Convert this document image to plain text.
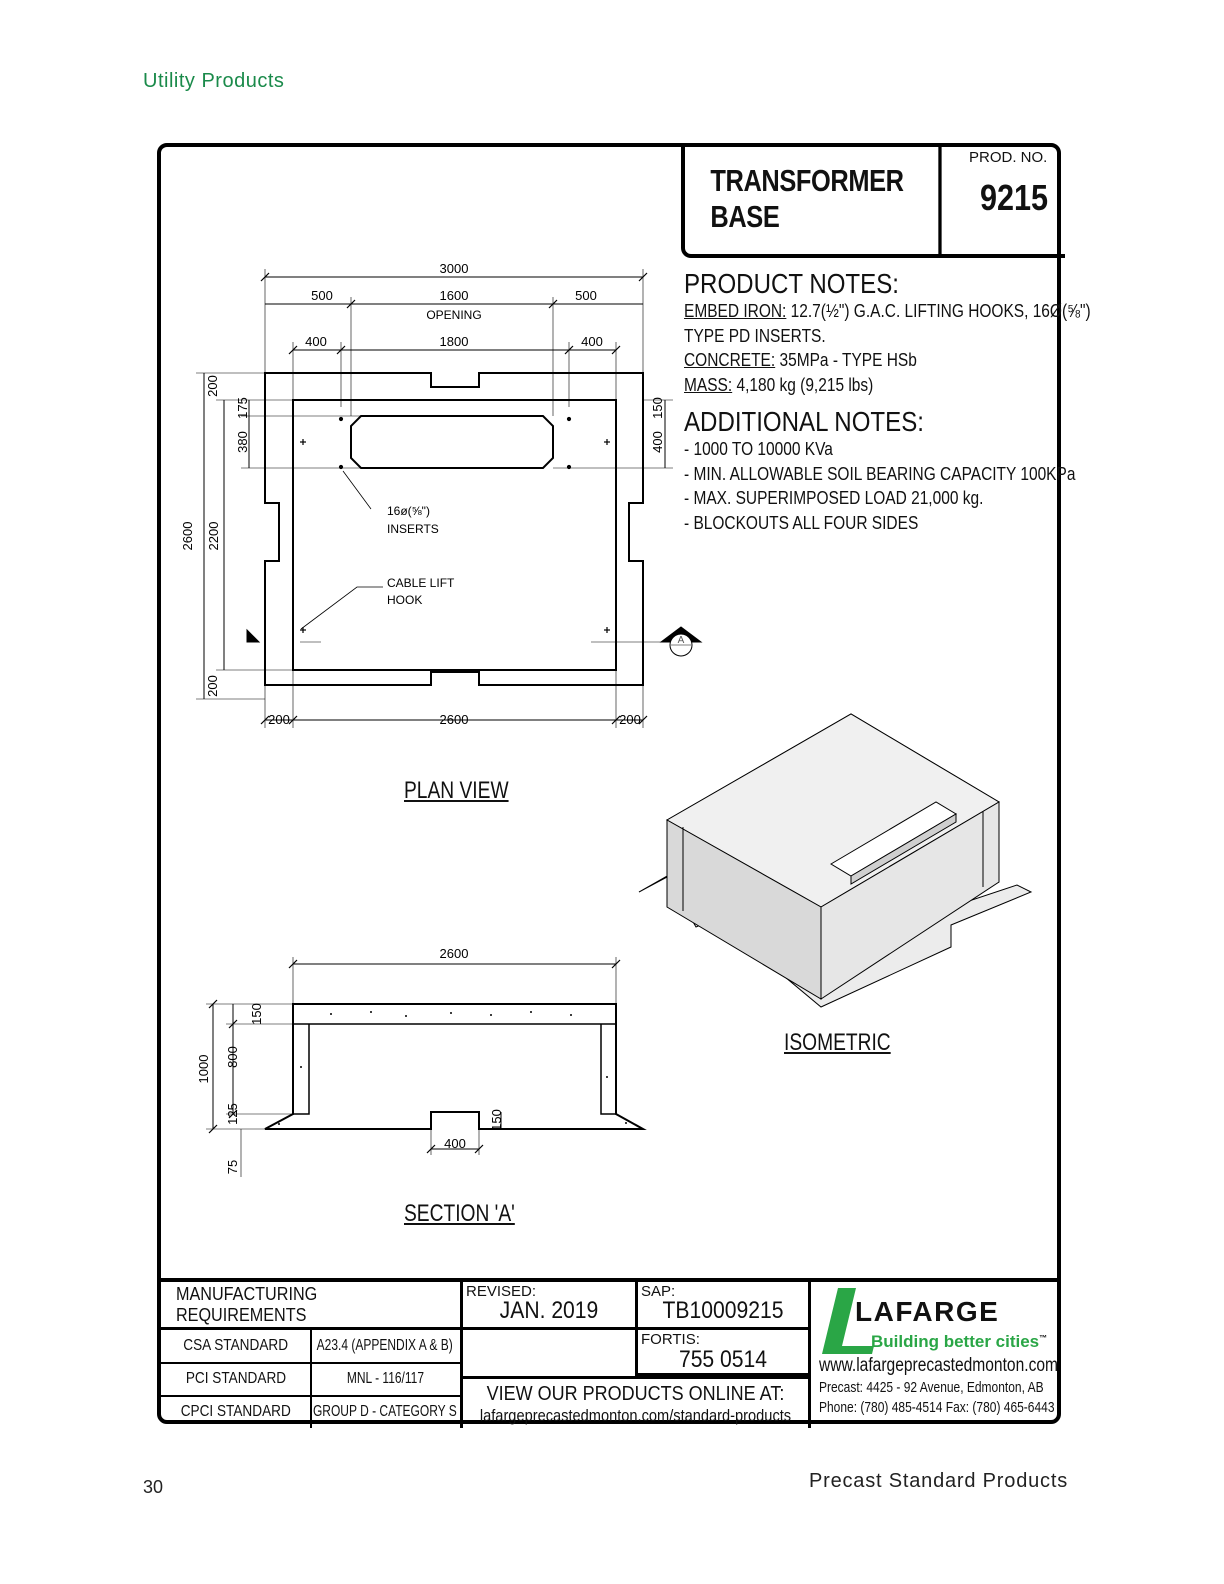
Utility Products
TRANSFORMER BASE
PROD. NO.
9215
PRODUCT NOTES:
EMBED IRON: 12.7(½") G.A.C. LIFTING HOOKS, 16Ø(⅝")
TYPE PD INSERTS.
CONCRETE: 35MPa - TYPE HSb
MASS: 4,180 kg (9,215 lbs)
ADDITIONAL NOTES:
- 1000 TO 10000 KVa
- MIN. ALLOWABLE SOIL BEARING CAPACITY 100KPa
- MAX. SUPERIMPOSED LOAD 21,000 kg.
- BLOCKOUTS ALL FOUR SIDES
3000
500	1600	500
OPENING
400	1800	400
200
175
380
2600 2200
200
150
400
200	2600	200
16ø(⅝")
INSERTS
CABLE LIFT
HOOK
A
2600
1000
150
800
125
75
150
400
PLAN VIEW
SECTION 'A'
ISOMETRIC
MANUFACTURING REQUIREMENTS
CSA STANDARD A23.4 (APPENDIX A & B)
PCI STANDARD	MNL - 116/117
CPCI STANDARD GROUP D - CATEGORY S
REVISED:
JAN. 2019
SAP:
TB10009215
FORTIS:
755 0514
VIEW OUR PRODUCTS ONLINE AT:
lafargeprecastedmonton.com/standard-products
LAFARGE
Building better cities™
www.lafargeprecastedmonton.com
Precast: 4425 - 92 Avenue, Edmonton, AB
Phone: (780) 485-4514 Fax: (780) 465-6443
30	Precast Standard Products
